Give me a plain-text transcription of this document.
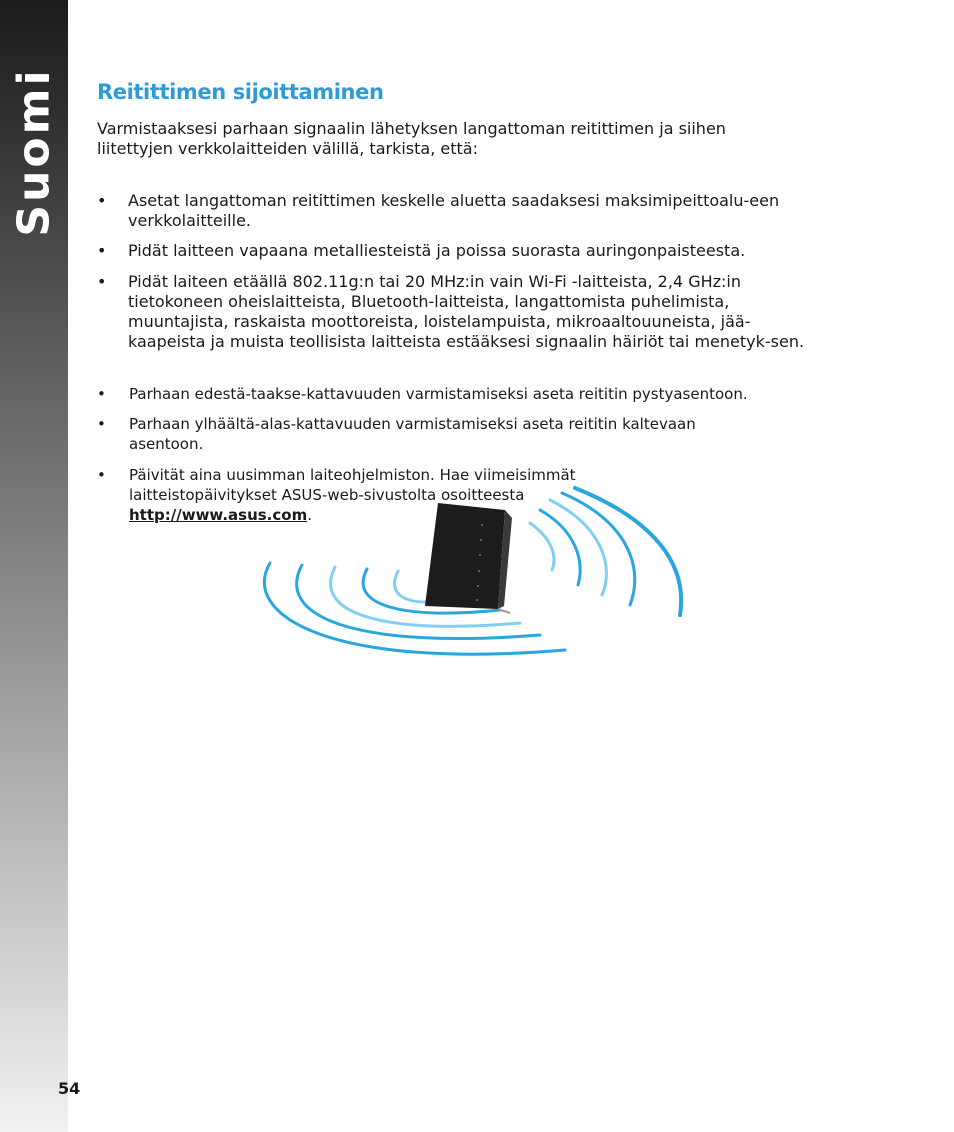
Suomi Reitittimen sijoittaminen

Varmistaaksesi parhaan signaalin lähetyksen langattoman reitittimen ja siihen liitettyjen verkkolaitteiden välillä, tarkista, että:

• Asetat langattoman reitittimen keskelle aluetta saadaksesi maksimipeittoalu-een verkkolaitteille.
• Pidät laitteen vapaana metalliesteistä ja poissa suorasta auringonpaisteesta.
• Pidät laiteen etäällä 802.11g:n tai 20 MHz:in vain Wi-Fi -laitteista, 2,4 GHz:in tietokoneen oheislaitteista, Bluetooth-laitteista, langattomista puhelimista, muuntajista, raskaista moottoreista, loistelampuista, mikroaaltouuneista, jää-kaapeista ja muista teollisista laitteista estääksesi signaalin häiriöt tai menetyk-sen.
•	Parhaan edestä-taakse-kattavuuden varmistamiseksi aseta reititin pystyasentoon.
•	Parhaan ylhäältä-alas-kattavuuden varmistamiseksi aseta reititin kaltevaan asentoon.
•	Päivität aina uusimman laiteohjelmiston. Hae viimeisimmät laitteistopäivitykset ASUS-web-sivustolta osoitteesta
http://www.asus.com.
54
